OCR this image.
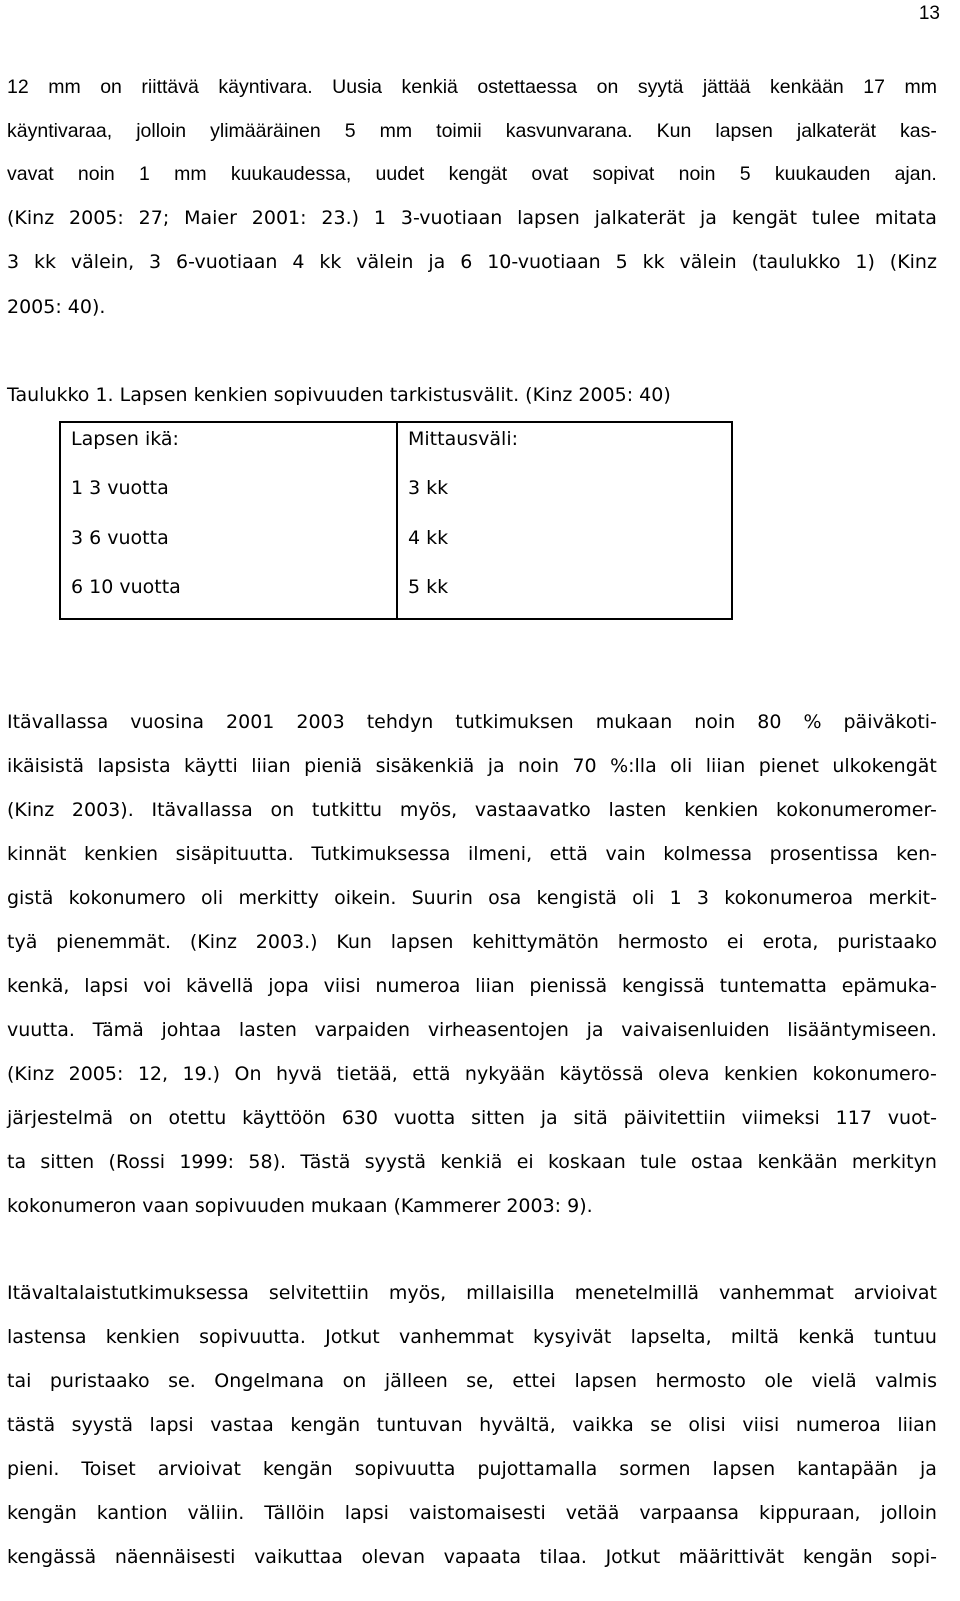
13
12 mm on riittävä käyntivara. Uusia kenkiä ostettaessa on syytä jättää kenkään 17 mm
käyntivaraa, jolloin ylimääräinen 5 mm toimii kasvunvarana. Kun lapsen jalkaterät kas-
vavat noin 1 mm kuukaudessa, uudet kengät ovat sopivat noin 5 kuukauden ajan.
(Kinz 2005: 27; Maier 2001: 23.) 1 3-vuotiaan lapsen jalkaterät ja kengät tulee mitata
3 kk välein, 3 6-vuotiaan 4 kk välein ja 6 10-vuotiaan 5 kk välein (taulukko 1) (Kinz
2005: 40).
Taulukko 1. Lapsen kenkien sopivuuden tarkistusvälit. (Kinz 2005: 40)
Lapsen ikä:	Mittausväli:
1 3 vuotta	3 kk
3 6 vuotta	4 kk
6 10 vuotta	5 kk
Itävallassa vuosina 2001 2003 tehdyn tutkimuksen mukaan noin 80 % päiväkoti-
ikäisistä lapsista käytti liian pieniä sisäkenkiä ja noin 70 %:lla oli liian pienet ulkokengät
(Kinz 2003). Itävallassa on tutkittu myös, vastaavatko lasten kenkien kokonumeromer-
kinnät kenkien sisäpituutta. Tutkimuksessa ilmeni, että vain kolmessa prosentissa ken-
gistä kokonumero oli merkitty oikein. Suurin osa kengistä oli 1 3 kokonumeroa merkit-
tyä pienemmät. (Kinz 2003.) Kun lapsen kehittymätön hermosto ei erota, puristaako
kenkä, lapsi voi kävellä jopa viisi numeroa liian pienissä kengissä tuntematta epämuka-
vuutta. Tämä johtaa lasten varpaiden virheasentojen ja vaivaisenluiden lisääntymiseen.
(Kinz 2005: 12, 19.) On hyvä tietää, että nykyään käytössä oleva kenkien kokonumero-
järjestelmä on otettu käyttöön 630 vuotta sitten ja sitä päivitettiin viimeksi 117 vuot-
ta sitten (Rossi 1999: 58). Tästä syystä kenkiä ei koskaan tule ostaa kenkään merkityn
kokonumeron vaan sopivuuden mukaan (Kammerer 2003: 9).
Itävaltalaistutkimuksessa selvitettiin myös, millaisilla menetelmillä vanhemmat arvioivat
lastensa kenkien sopivuutta. Jotkut vanhemmat kysyivät lapselta, miltä kenkä tuntuu
tai puristaako se. Ongelmana on jälleen se, ettei lapsen hermosto ole vielä valmis
tästä syystä lapsi vastaa kengän tuntuvan hyvältä, vaikka se olisi viisi numeroa liian
pieni. Toiset arvioivat kengän sopivuutta pujottamalla sormen lapsen kantapään ja
kengän kantion väliin. Tällöin lapsi vaistomaisesti vetää varpaansa kippuraan, jolloin
kengässä näennäisesti vaikuttaa olevan vapaata tilaa. Jotkut määrittivät kengän sopi-
